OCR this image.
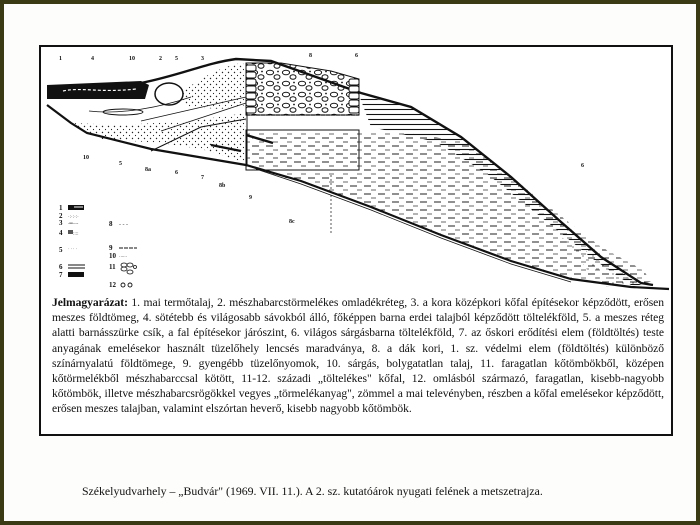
1	4	10	2 5	3	8	6
10
5
8a	6
7
8b
9
8c
6
1
2 ·:·:·:·
3 ∙═∙∙╌
4 ::::
5 ˙ ˙˙ ˙
6
7
8 - - -
9
10 ·∙∙∙∙∙
11
12
Jelmagyarázat: 1. mai termőtalaj, 2. mészhabarcstörmelékes omladékréteg, 3. a kora középkori kőfal építésekor képződött, erősen meszes földtömeg, 4. sötétebb és világosabb sávokból álló, főképpen barna erdei talajból képződött töltelékföld, 5. a meszes réteg alatti barnásszürke csík, a fal építésekor járószint, 6. világos sárgásbarna töltelékföld, 7. az őskori erődítési elem (földtöltés) teste anyagának emelésekor használt tüzelőhely lencsés maradványa, 8. a dák kori, 1. sz. védelmi elem (földtöltés) különböző színárnyalatú földtömege, 9. gyengébb tüzelőnyomok, 10. sárgás, bolygatatlan talaj, 11. faragatlan kőtömbökből, középen kőtörmelékből mészhabarccsal kötött, 11-12. századi „töltelékes" kőfal, 12. omlásból származó, faragatlan, kisebb-nagyobb kőtömbök, illetve mészhabarcsrögökkel vegyes „törmelékanyag", zömmel a mai televényben, részben a kőfal emelésekor képződött, erősen meszes talajban, valamint elszórtan heverő, kisebb nagyobb kőtömbök.
Székelyudvarhely – „Budvár" (1969. VII. 11.). A 2. sz. kutatóárok nyugati felének a metszetrajza.
